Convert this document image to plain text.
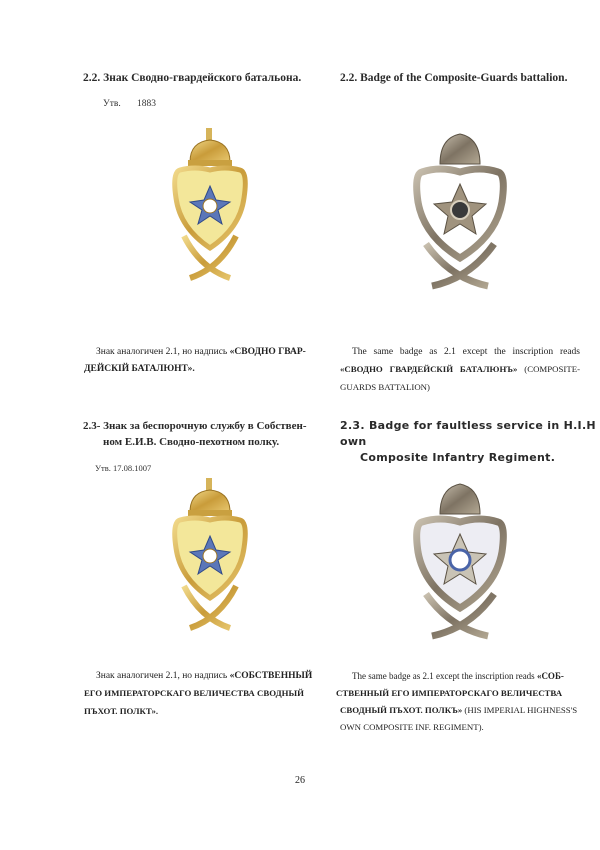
2.2. Знак Сводно-гвардейского батальона.	2.2. Badge of the Composite-Guards battalion.
Утв. 1883
Знак аналогичен 2.1, но надпись «СВОДНО ГВАР-
ДЕЙСКІЙ БАТАЛЮНТ».
The same badge as 2.1 except the inscription reads
«СВОДНО ГВАРДЕЙСКІЙ БАТАЛЮНЪ» (COMPOSITE-
GUARDS BATTALION)
2.3- Знак за беспорочную службу в Собствен-
ном Е.И.В. Сводно-пехотном полку.
2.3. Badge for faultless service in H.I.H own
Composite Infantry Regiment.
Утв. 17.08.1007
Знак аналогичен 2.1, но надпись «СОБСТВЕННЫЙ
ЕГО ИМПЕРАТОРСКАГО ВЕЛИЧЕСТВА СВОДНЫЙ
ПЪХОТ. ПОЛКТ».
The same badge as 2.1 except the inscription reads «СОБ-
СТВЕННЫЙ ЕГО ИМПЕРАТОРСКАГО ВЕЛИЧЕСТВА
СВОДНЫЙ ПЪХОТ. ПОЛКЪ» (HIS IMPERIAL HIGHNESS'S
OWN COMPOSITE INF. REGIMENT).
26
